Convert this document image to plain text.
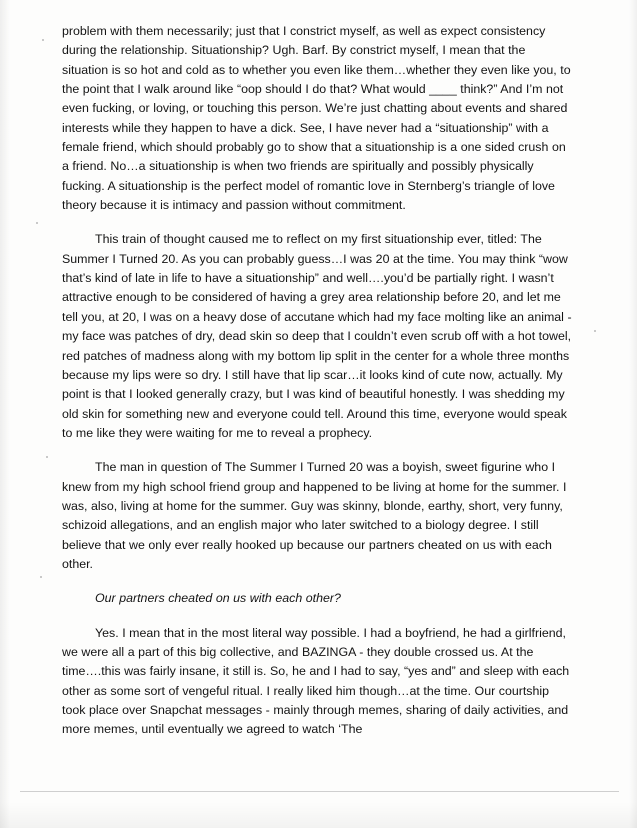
problem with them necessarily; just that I constrict myself, as well as expect consistency during the relationship. Situationship? Ugh. Barf. By constrict myself, I mean that the situation is so hot and cold as to whether you even like them…whether they even like you, to the point that I walk around like “oop should I do that? What would ____ think?” And I’m not even fucking, or loving, or touching this person. We’re just chatting about events and shared interests while they happen to have a dick. See, I have never had a “situationship” with a female friend, which should probably go to show that a situationship is a one sided crush on a friend. No…a situationship is when two friends are spiritually and possibly physically fucking. A situationship is the perfect model of romantic love in Sternberg’s triangle of love theory because it is intimacy and passion without commitment.

This train of thought caused me to reflect on my first situationship ever, titled: The Summer I Turned 20. As you can probably guess…I was 20 at the time. You may think “wow that’s kind of late in life to have a situationship” and well….you’d be partially right. I wasn’t attractive enough to be considered of having a grey area relationship before 20, and let me tell you, at 20, I was on a heavy dose of accutane which had my face molting like an animal - my face was patches of dry, dead skin so deep that I couldn’t even scrub off with a hot towel, red patches of madness along with my bottom lip split in the center for a whole three months because my lips were so dry. I still have that lip scar…it looks kind of cute now, actually. My point is that I looked generally crazy, but I was kind of beautiful honestly. I was shedding my old skin for something new and everyone could tell. Around this time, everyone would speak to me like they were waiting for me to reveal a prophecy.

The man in question of The Summer I Turned 20 was a boyish, sweet figurine who I knew from my high school friend group and happened to be living at home for the summer. I was, also, living at home for the summer. Guy was skinny, blonde, earthy, short, very funny, schizoid allegations, and an english major who later switched to a biology degree. I still believe that we only ever really hooked up because our partners cheated on us with each other.

Our partners cheated on us with each other?

Yes. I mean that in the most literal way possible. I had a boyfriend, he had a girlfriend, we were all a part of this big collective, and BAZINGA - they double crossed us. At the time….this was fairly insane, it still is. So, he and I had to say, “yes and” and sleep with each other as some sort of vengeful ritual. I really liked him though…at the time. Our courtship took place over Snapchat messages - mainly through memes, sharing of daily activities, and more memes, until eventually we agreed to watch ‘The
